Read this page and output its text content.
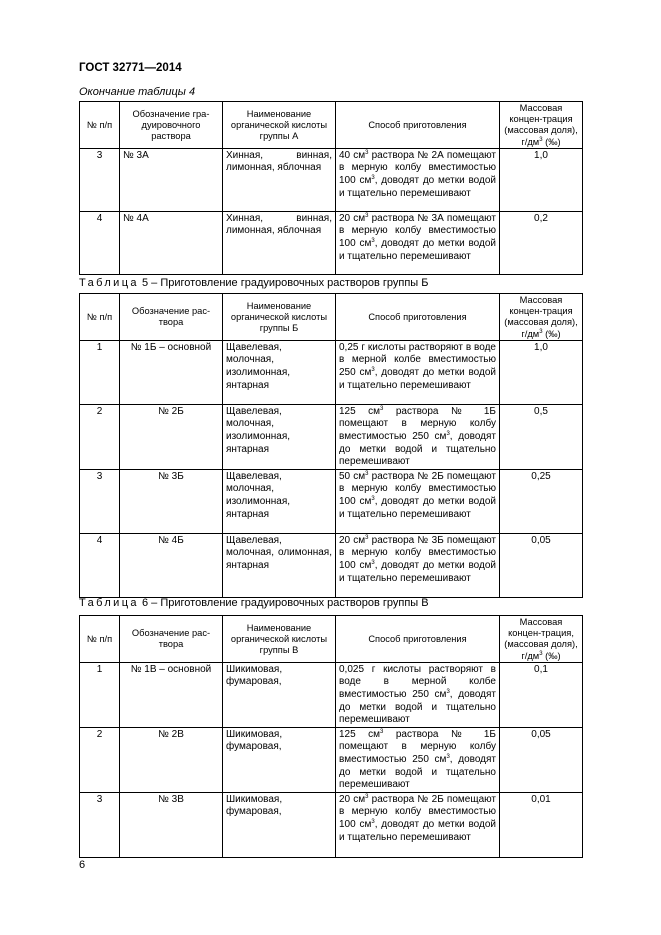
ГОСТ 32771—2014
Окончание таблицы 4
№ п/п	Обозначение гра-дуировочного раствора	Наименование органической кислоты группы А	Способ приготовления	Массовая концен-трация (массовая доля), $г/дм^3$ (‰)
3	№ 3А	Хинная, винная, лимонная, яблочная	40 $см^3$ раствора № 2А помещают в мерную колбу вместимостью 100 $см^3$, доводят до метки водой и тщательно перемешивают	1,0
4	№ 4А	Хинная, винная, лимонная, яблочная	20 $см^3$ раствора № 3А помещают в мерную колбу вместимостью 100 $см^3$, доводят до метки водой и тщательно перемешивают	0,2
Таблица 5 – Приготовление градуировочных растворов группы Б
№ п/п	Обозначение рас-твора	Наименование органической кислоты группы Б	Способ приготовления	Массовая концен-трация (массовая доля), $г/дм^3$ (‰)
1	№ 1Б – основной	Щавелевая, молочная, изолимонная, янтарная	0,25 г кислоты растворяют в воде в мерной колбе вместимостью 250 $см^3$, доводят до метки водой и тщательно перемешивают	1,0
2	№ 2Б	Щавелевая, молочная, изолимонная, янтарная	125 $см^3$ раствора № 1Б помещают в мерную колбу вместимостью 250 $см^3$, доводят до метки водой и тщательно перемешивают	0,5
3	№ 3Б	Щавелевая, молочная, изолимонная, янтарная	50 $см^3$ раствора № 2Б помещают в мерную колбу вместимостью 100 $см^3$, доводят до метки водой и тщательно перемешивают	0,25
4	№ 4Б	Щавелевая, молочная, олимонная, янтарная	20 $см^3$ раствора № 3Б помещают в мерную колбу вместимостью 100 $см^3$, доводят до метки водой и тщательно перемешивают	0,05
Таблица 6 – Приготовление градуировочных растворов группы В
№ п/п	Обозначение рас-твора	Наименование органической кислоты группы В	Способ приготовления	Массовая концен-трация, (массовая доля), $г/дм^3$ (‰)
1	№ 1В – основной	Шикимовая, фумаровая,	0,025 г кислоты растворяют в воде в мерной колбе вместимостью 250 $см^3$, доводят до метки водой и тщательно перемешивают	0,1
2	№ 2В	Шикимовая, фумаровая,	125 $см^3$ раствора № 1Б помещают в мерную колбу вместимостью 250 $см^3$, доводят до метки водой и тщательно перемешивают	0,05
3	№ 3В	Шикимовая, фумаровая,	20 $см^3$ раствора № 2Б помещают в мерную колбу вместимостью 100 $см^3$, доводят до метки водой и тщательно перемешивают	0,01
6
